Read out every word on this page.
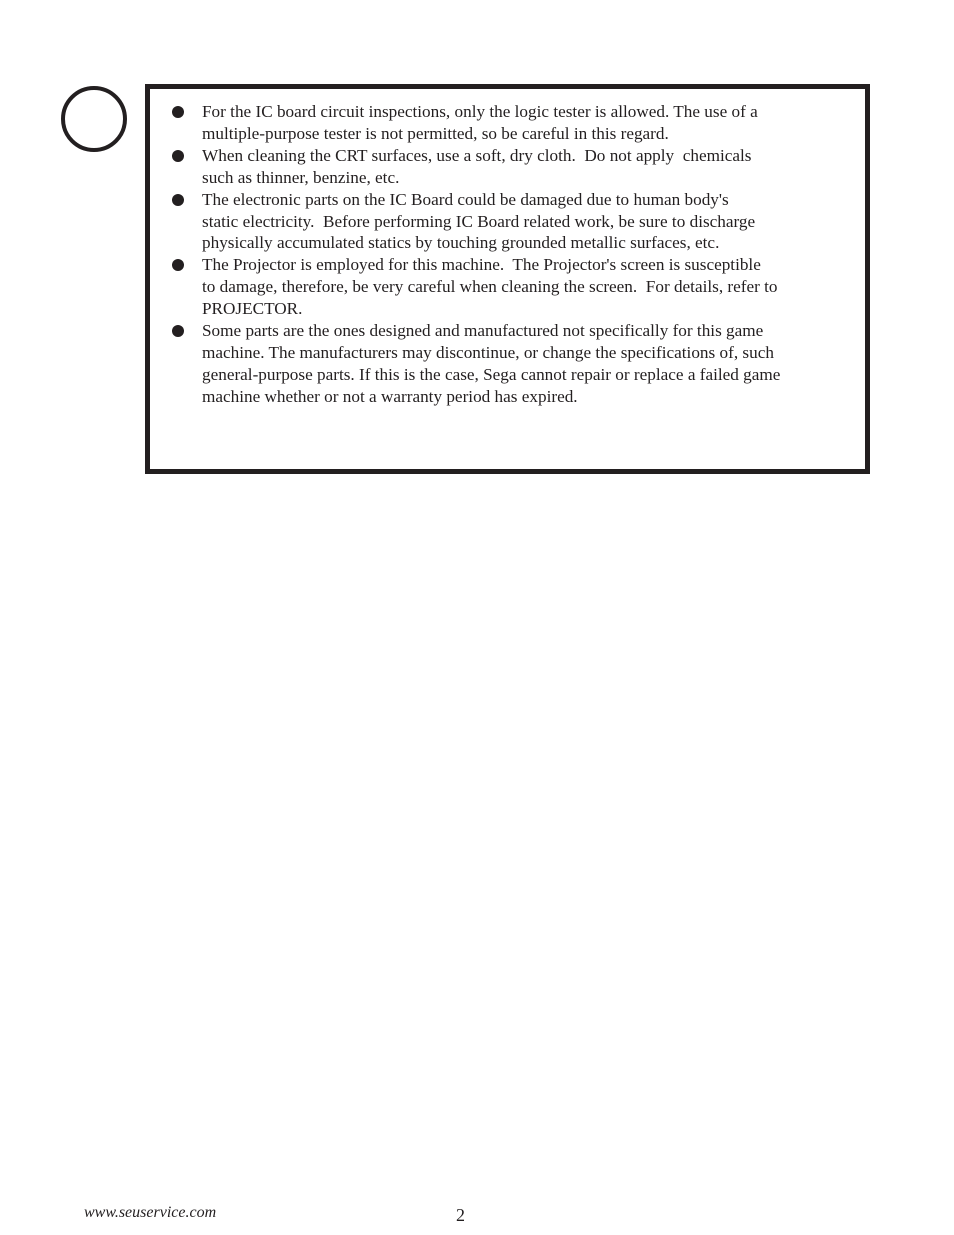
For the IC board circuit inspections, only the logic tester is allowed. The use of a
multiple-purpose tester is not permitted, so be careful in this regard.
When cleaning the CRT surfaces, use a soft, dry cloth.  Do not apply  chemicals
such as thinner, benzine, etc.
The electronic parts on the IC Board could be damaged due to human body's
static electricity.  Before performing IC Board related work, be sure to discharge
physically accumulated statics by touching grounded metallic surfaces, etc.
The Projector is employed for this machine.  The Projector's screen is susceptible
to damage, therefore, be very careful when cleaning the screen.  For details, refer to
PROJECTOR.
Some parts are the ones designed and manufactured not specifically for this game
machine. The manufacturers may discontinue, or change the specifications of, such
general-purpose parts. If this is the case, Sega cannot repair or replace a failed game
machine whether or not a warranty period has expired.
www.seuservice.com	2
